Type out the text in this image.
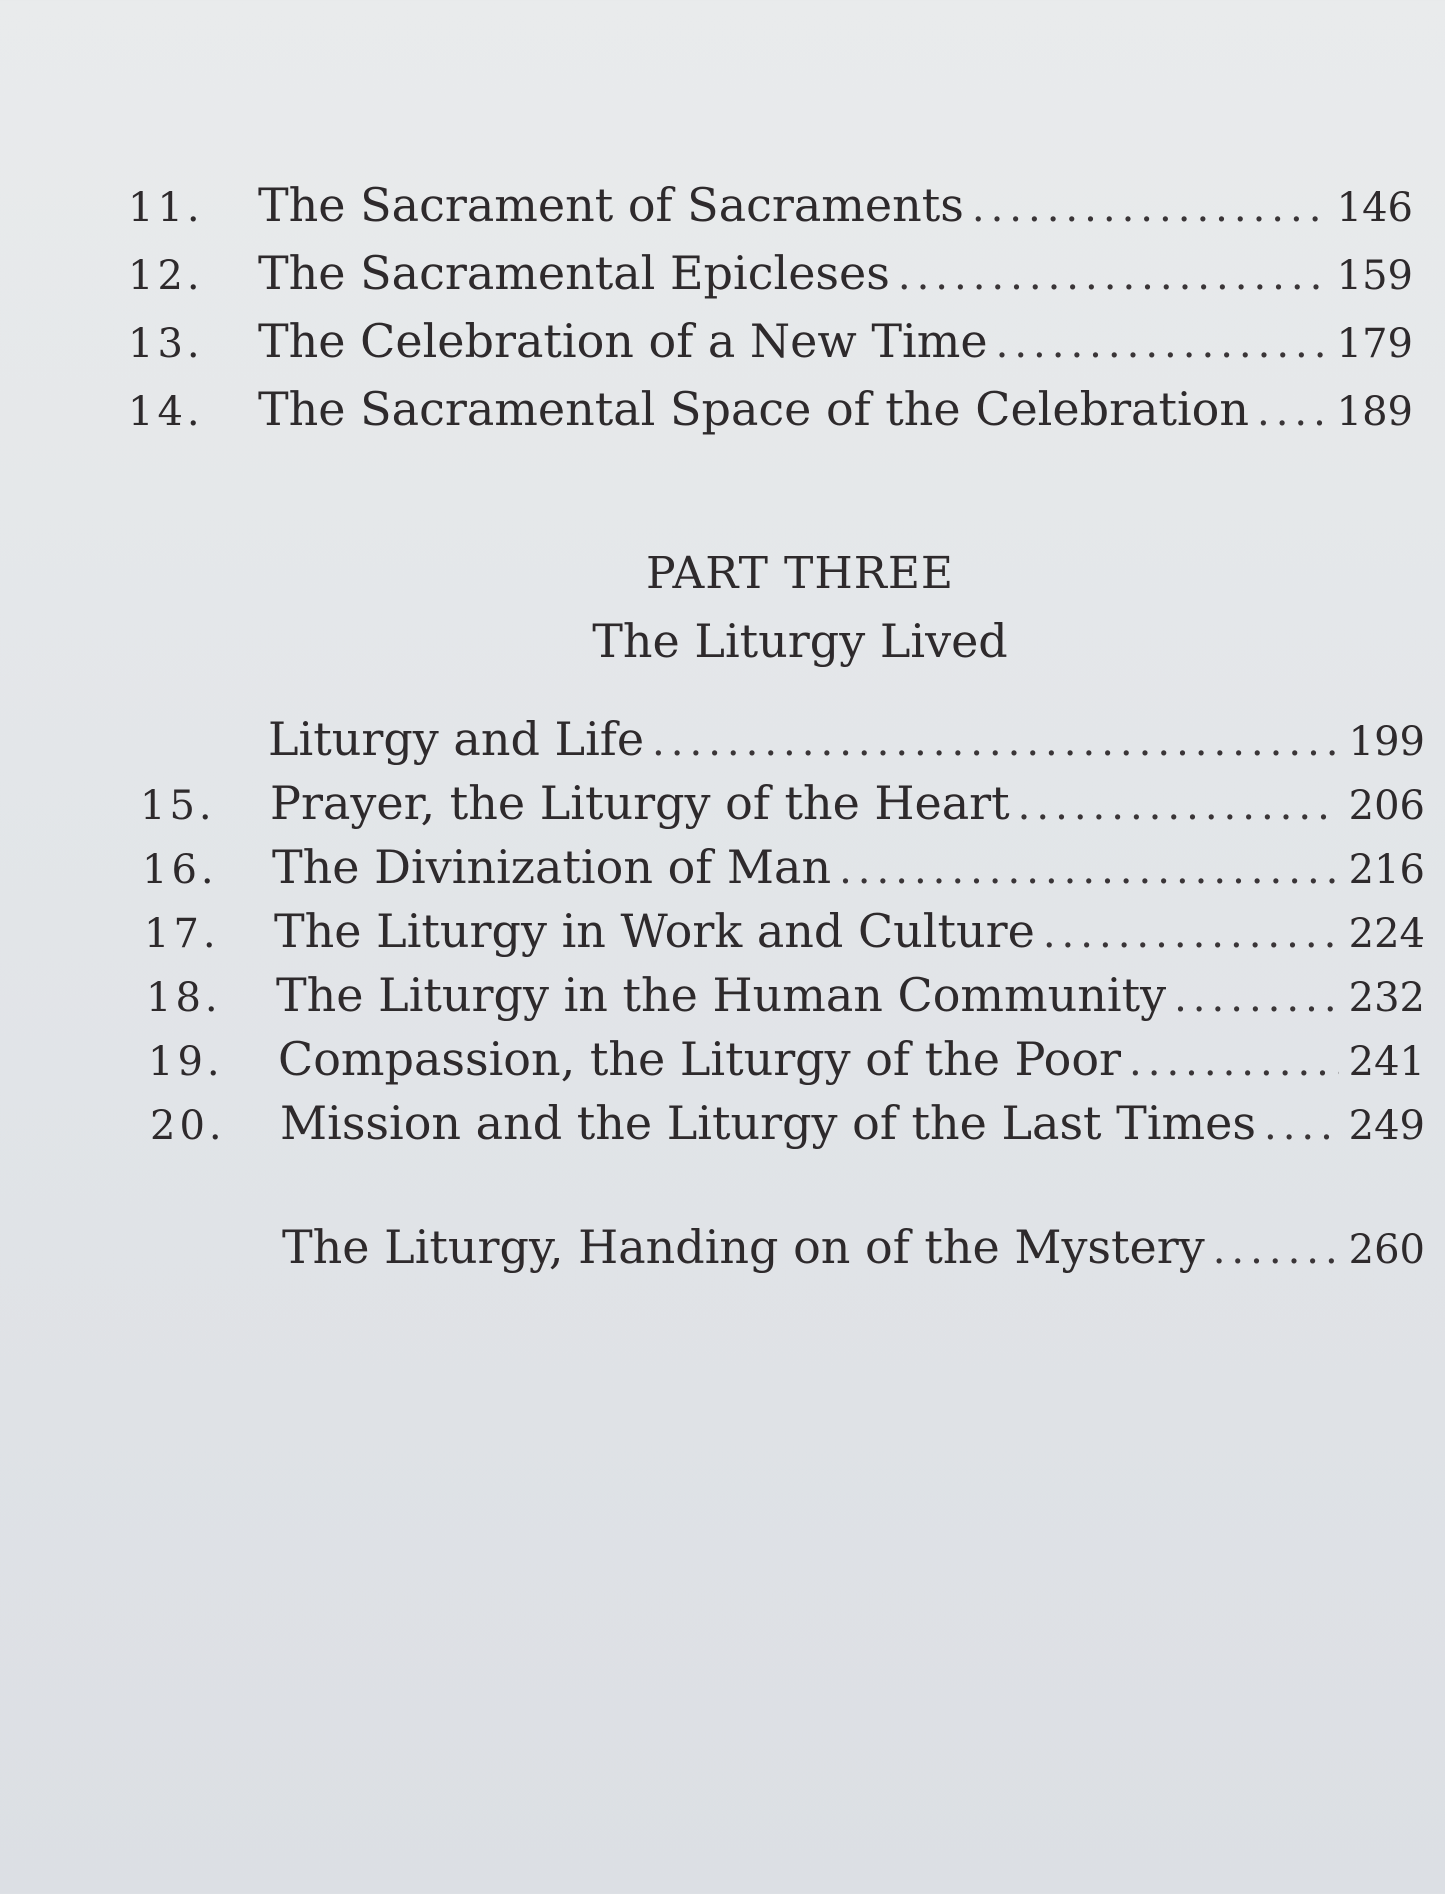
11.	The Sacrament of Sacraments .....	146
12.	The Sacramental Epicleses .....	159
13.	The Celebration of a New Time .....	179
14.	The Sacramental Space of the Celebration ..... 189
PART THREE
The Liturgy Lived
Liturgy and Life .....	199
15.	Prayer, the Liturgy of the Heart .....	206
16.	The Divinization of Man .....	216
17.	The Liturgy in Work and Culture .....	224
18.	The Liturgy in the Human Community .....	232
19.	Compassion, the Liturgy of the Poor .....	241
20.	Mission and the Liturgy of the Last Times ..... 249
The Liturgy, Handing on of the Mystery .....	260
